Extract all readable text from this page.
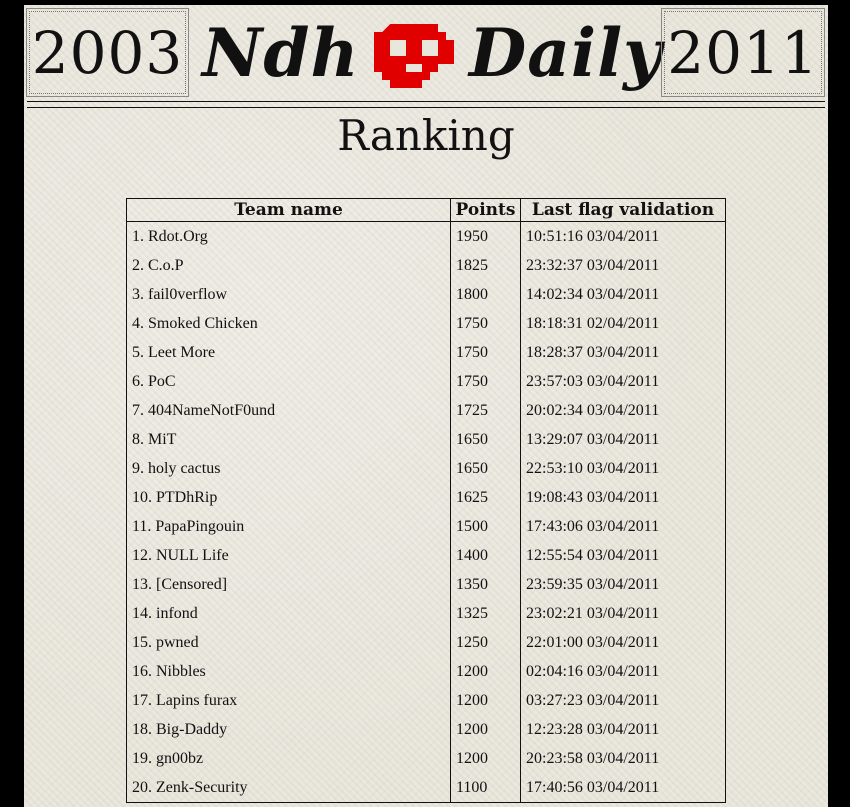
2003 Ndh Daily 2011
Ranking
Team name	Points	Last flag validation
1. Rdot.Org	1950	10:51:16 03/04/2011
2. C.o.P	1825	23:32:37 03/04/2011
3. fail0verflow	1800	14:02:34 03/04/2011
4. Smoked Chicken	1750	18:18:31 02/04/2011
5. Leet More	1750	18:28:37 03/04/2011
6. PoC	1750	23:57:03 03/04/2011
7. 404NameNotF0und	1725	20:02:34 03/04/2011
8. MiT	1650	13:29:07 03/04/2011
9. holy cactus	1650	22:53:10 03/04/2011
10. PTDhRip	1625	19:08:43 03/04/2011
11. PapaPingouin	1500	17:43:06 03/04/2011
12. NULL Life	1400	12:55:54 03/04/2011
13. [Censored]	1350	23:59:35 03/04/2011
14. infond	1325	23:02:21 03/04/2011
15. pwned	1250	22:01:00 03/04/2011
16. Nibbles	1200	02:04:16 03/04/2011
17. Lapins furax	1200	03:27:23 03/04/2011
18. Big-Daddy	1200	12:23:28 03/04/2011
19. gn00bz	1200	20:23:58 03/04/2011
20. Zenk-Security	1100	17:40:56 03/04/2011
